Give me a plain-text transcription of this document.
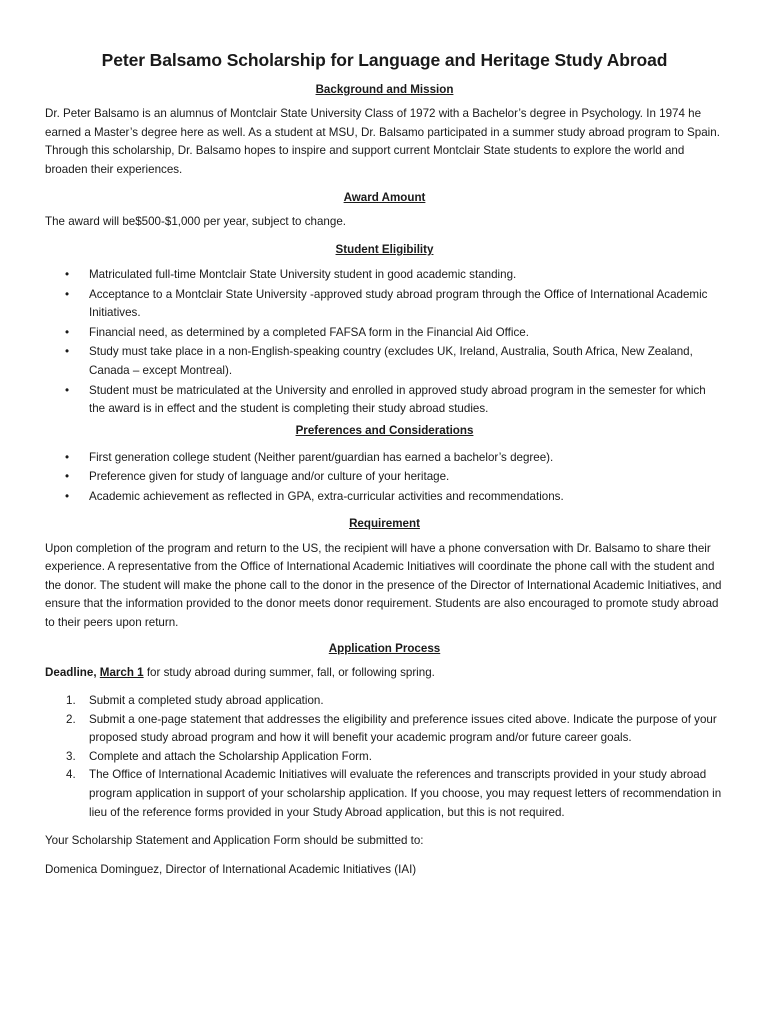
Peter Balsamo Scholarship for Language and Heritage Study Abroad
Background and Mission

Dr. Peter Balsamo is an alumnus of Montclair State University Class of 1972 with a Bachelor’s degree in Psychology. In 1974 he earned a Master’s degree here as well. As a student at MSU, Dr. Balsamo participated in a summer study abroad program to Spain. Through this scholarship, Dr. Balsamo hopes to inspire and support current Montclair State students to explore the world and broaden their experiences.

Award Amount

The award will be$500-$1,000 per year, subject to change.

Student Eligibility
• Matriculated full-time Montclair State University student in good academic standing.
• Acceptance to a Montclair State University -approved study abroad program through the Office of International Academic Initiatives.
• Financial need, as determined by a completed FAFSA form in the Financial Aid Office.
• Study must take place in a non-English-speaking country (excludes UK, Ireland, Australia, South Africa, New Zealand, Canada – except Montreal).
• Student must be matriculated at the University and enrolled in approved study abroad program in the semester for which the award is in effect and the student is completing their study abroad studies.
Preferences and Considerations
• First generation college student (Neither parent/guardian has earned a bachelor’s degree).
• Preference given for study of language and/or culture of your heritage.
• Academic achievement as reflected in GPA, extra-curricular activities and recommendations.
Requirement

Upon completion of the program and return to the US, the recipient will have a phone conversation with Dr. Balsamo to share their experience. A representative from the Office of International Academic Initiatives will coordinate the phone call with the student and the donor. The student will make the phone call to the donor in the presence of the Director of International Academic Initiatives, and ensure that the information provided to the donor meets donor requirement. Students are also encouraged to promote study abroad to their peers upon return.

Application Process

Deadline, March 1 for study abroad during summer, fall, or following spring.

1. Submit a completed study abroad application.
2. Submit a one-page statement that addresses the eligibility and preference issues cited above. Indicate the purpose of your proposed study abroad program and how it will benefit your academic program and/or future career goals.
3. Complete and attach the Scholarship Application Form.
4. The Office of International Academic Initiatives will evaluate the references and transcripts provided in your study abroad program application in support of your scholarship application. If you choose, you may request letters of recommendation in lieu of the reference forms provided in your Study Abroad application, but this is not required.

Your Scholarship Statement and Application Form should be submitted to:

Domenica Dominguez, Director of International Academic Initiatives (IAI)
